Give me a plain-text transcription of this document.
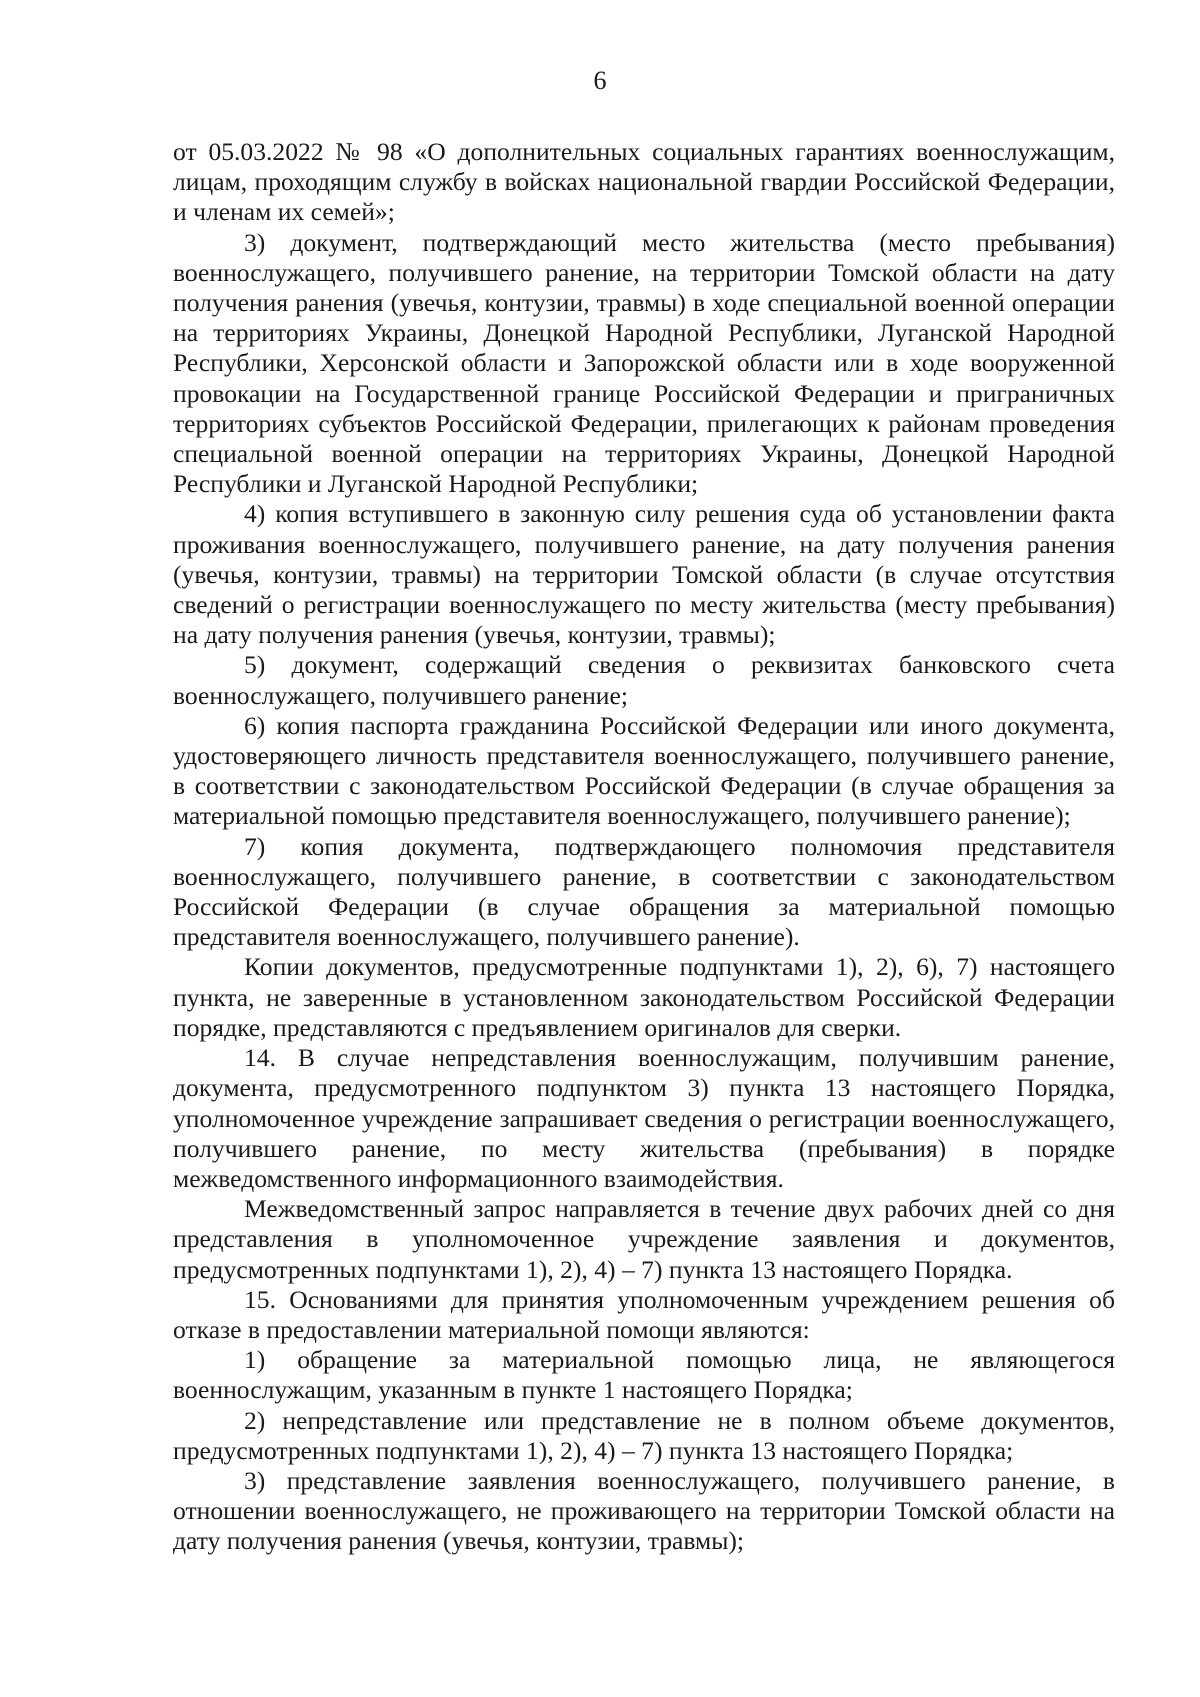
6

от 05.03.2022 № 98 «О дополнительных социальных гарантиях военнослужащим, лицам, проходящим службу в войсках национальной гвардии Российской Федерации, и членам их семей»;

3) документ, подтверждающий место жительства (место пребывания) военнослужащего, получившего ранение, на территории Томской области на дату получения ранения (увечья, контузии, травмы) в ходе специальной военной операции на территориях Украины, Донецкой Народной Республики, Луганской Народной Республики, Херсонской области и Запорожской области или в ходе вооруженной провокации на Государственной границе Российской Федерации и приграничных территориях субъектов Российской Федерации, прилегающих к районам проведения специальной военной операции на территориях Украины, Донецкой Народной Республики и Луганской Народной Республики;

4) копия вступившего в законную силу решения суда об установлении факта проживания военнослужащего, получившего ранение, на дату получения ранения (увечья, контузии, травмы) на территории Томской области (в случае отсутствия сведений о регистрации военнослужащего по месту жительства (месту пребывания) на дату получения ранения (увечья, контузии, травмы);

5) документ, содержащий сведения о реквизитах банковского счета военнослужащего, получившего ранение;

6) копия паспорта гражданина Российской Федерации или иного документа, удостоверяющего личность представителя военнослужащего, получившего ранение, в соответствии с законодательством Российской Федерации (в случае обращения за материальной помощью представителя военнослужащего, получившего ранение);

7) копия документа, подтверждающего полномочия представителя военнослужащего, получившего ранение, в соответствии с законодательством Российской Федерации (в случае обращения за материальной помощью представителя военнослужащего, получившего ранение).

Копии документов, предусмотренные подпунктами 1), 2), 6), 7) настоящего пункта, не заверенные в установленном законодательством Российской Федерации порядке, представляются с предъявлением оригиналов для сверки.

14. В случае непредставления военнослужащим, получившим ранение, документа, предусмотренного подпунктом 3) пункта 13 настоящего Порядка, уполномоченное учреждение запрашивает сведения о регистрации военнослужащего, получившего ранение, по месту жительства (пребывания) в порядке межведомственного информационного взаимодействия.

Межведомственный запрос направляется в течение двух рабочих дней со дня представления в уполномоченное учреждение заявления и документов, предусмотренных подпунктами 1), 2), 4) – 7) пункта 13 настоящего Порядка.

15. Основаниями для принятия уполномоченным учреждением решения об отказе в предоставлении материальной помощи являются:

1) обращение за материальной помощью лица, не являющегося военнослужащим, указанным в пункте 1 настоящего Порядка;

2) непредставление или представление не в полном объеме документов, предусмотренных подпунктами 1), 2), 4) – 7) пункта 13 настоящего Порядка;

3) представление заявления военнослужащего, получившего ранение, в отношении военнослужащего, не проживающего на территории Томской области на дату получения ранения (увечья, контузии, травмы);
